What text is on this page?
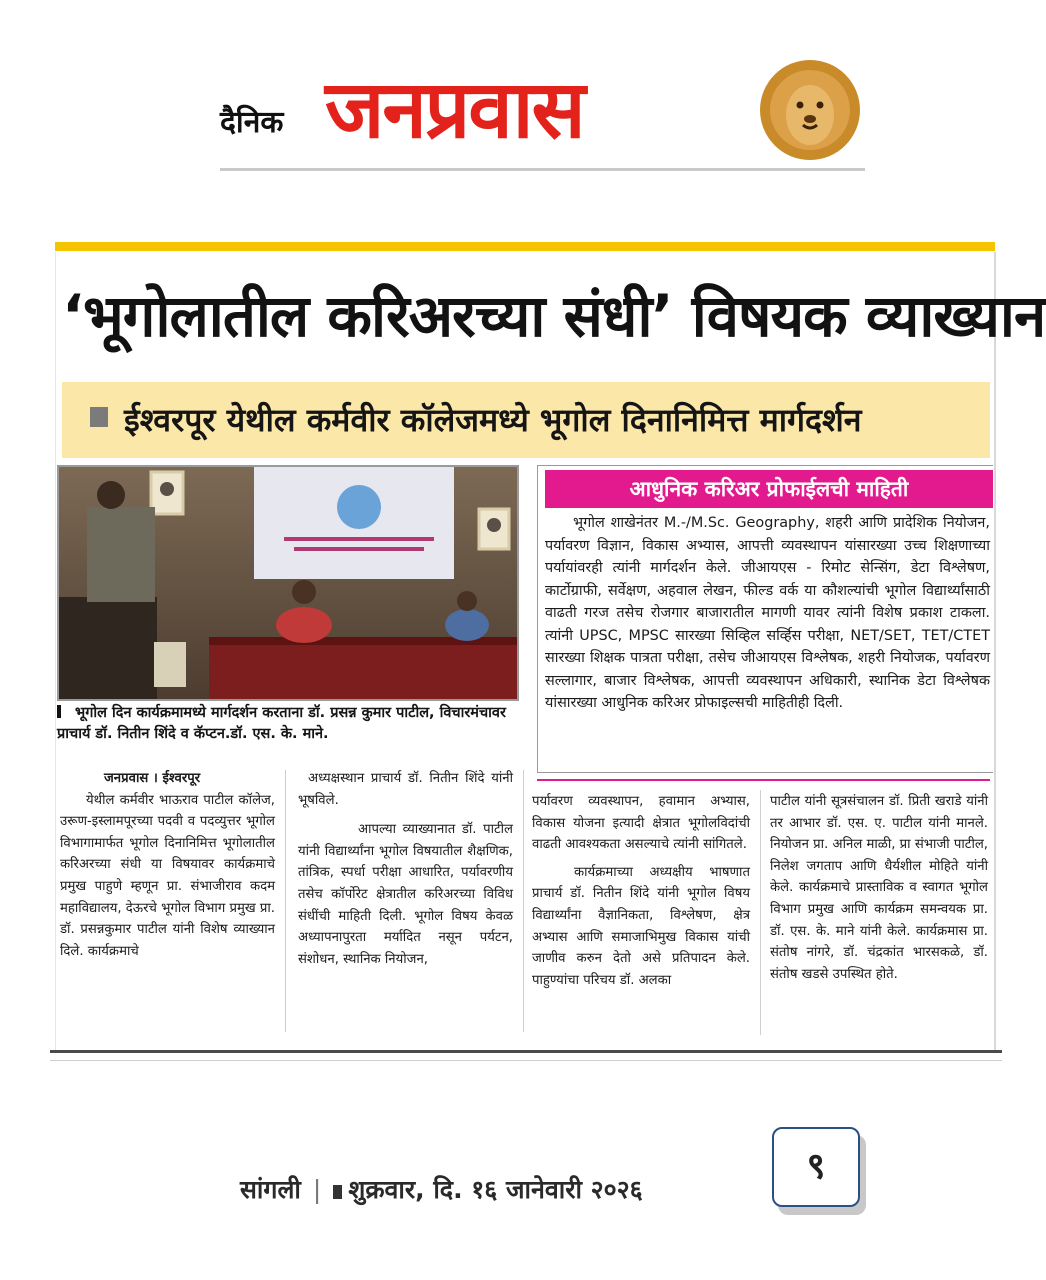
दैनिक जनप्रवास
‘भूगोलातील करिअरच्या संधी’ विषयक व्याख्यान
ईश्वरपूर येथील कर्मवीर कॉलेजमध्ये भूगोल दिनानिमित्त मार्गदर्शन
भूगोल दिन कार्यक्रमामध्ये मार्गदर्शन करताना डॉ. प्रसन्न कुमार पाटील, विचारमंचावर प्राचार्य डॉ. नितीन शिंदे व कॅप्टन.डॉ. एस. के. माने.
आधुनिक करिअर प्रोफाईलची माहिती
भूगोल शाखेनंतर M.-/M.Sc. Geography, शहरी आणि प्रादेशिक नियोजन, पर्यावरण विज्ञान, विकास अभ्यास, आपत्ती व्यवस्थापन यांसारख्या उच्च शिक्षणाच्या पर्यायांवरही त्यांनी मार्गदर्शन केले. जीआयएस - रिमोट सेन्सिंग, डेटा विश्लेषण, कार्टोग्राफी, सर्वेक्षण, अहवाल लेखन, फील्ड वर्क या कौशल्यांची भूगोल विद्यार्थ्यांसाठी वाढती गरज तसेच रोजगार बाजारातील मागणी यावर त्यांनी विशेष प्रकाश टाकला. त्यांनी UPSC, MPSC सारख्या सिव्हिल सर्व्हिस परीक्षा, NET/SET, TET/CTET सारख्या शिक्षक पात्रता परीक्षा, तसेच जीआयएस विश्लेषक, शहरी नियोजक, पर्यावरण सल्लागार, बाजार विश्लेषक, आपत्ती व्यवस्थापन अधिकारी, स्थानिक डेटा विश्लेषक यांसारख्या आधुनिक करिअर प्रोफाइल्सची माहितीही दिली.

जनप्रवास । ईश्वरपूर

येथील कर्मवीर भाऊराव पाटील कॉलेज, उरूण-इस्लामपूरच्या पदवी व पदव्युत्तर भूगोल विभागामार्फत भूगोल दिनानिमित्त भूगोलातील करिअरच्या संधी या विषयावर कार्यक्रमाचे प्रमुख पाहुणे म्हणून प्रा. संभाजीराव कदम महाविद्यालय, देऊरचे भूगोल विभाग प्रमुख प्रा. डॉ. प्रसन्नकुमार पाटील यांनी विशेष व्याख्यान दिले. कार्यक्रमाचे

अध्यक्षस्थान प्राचार्य डॉ. नितीन शिंदे यांनी भूषविले.

आपल्या व्याख्यानात डॉ. पाटील यांनी विद्यार्थ्यांना भूगोल विषयातील शैक्षणिक, तांत्रिक, स्पर्धा परीक्षा आधारित, पर्यावरणीय तसेच कॉर्पोरेट क्षेत्रातील करिअरच्या विविध संधींची माहिती दिली. भूगोल विषय केवळ अध्यापनापुरता मर्यादित नसून पर्यटन, संशोधन, स्थानिक नियोजन,

पर्यावरण व्यवस्थापन, हवामान अभ्यास, विकास योजना इत्यादी क्षेत्रात भूगोलविदांची वाढती आवश्यकता असल्याचे त्यांनी सांगितले.

कार्यक्रमाच्या अध्यक्षीय भाषणात प्राचार्य डॉ. नितीन शिंदे यांनी भूगोल विषय विद्यार्थ्यांना वैज्ञानिकता, विश्लेषण, क्षेत्र अभ्यास आणि समाजाभिमुख विकास यांची जाणीव करुन देतो असे प्रतिपादन केले. पाहुण्यांचा परिचय डॉ. अलका

पाटील यांनी सूत्रसंचालन डॉ. प्रिती खराडे यांनी तर आभार डॉ. एस. ए. पाटील यांनी मानले. नियोजन प्रा. अनिल माळी, प्रा संभाजी पाटील, निलेश जगताप आणि धैर्यशील मोहिते यांनी केले. कार्यक्रमाचे प्रास्ताविक व स्वागत भूगोल विभाग प्रमुख आणि कार्यक्रम समन्वयक प्रा. डॉ. एस. के. माने यांनी केले. कार्यक्रमास प्रा. संतोष नांगरे, डॉ. चंद्रकांत भारसकळे, डॉ. संतोष खडसे उपस्थित होते.

सांगली | शुक्रवार, दि. १६ जानेवारी २०२६
९
